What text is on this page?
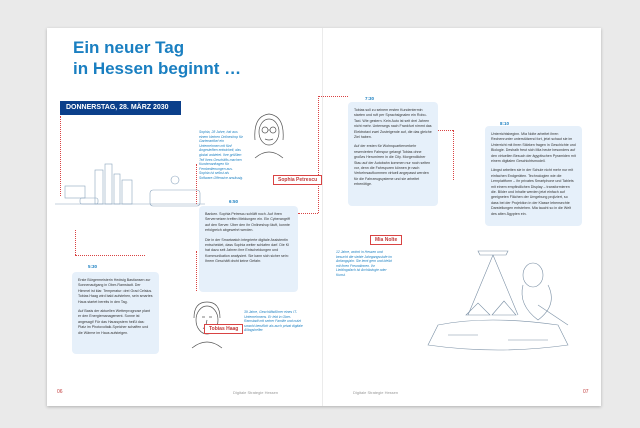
Ein neuer Tag
in Hessen beginnt …
DONNERSTAG, 28. MÄRZ 2030
5:30
6:50
7:30
8:10
Sophia Petrescu
Tobias Haag
Mia Nolte

Erste Bürgermeisterin Hedwig Bastiansen zur Sonnenaufgang in Ober-Ramstadt. Der Himmel ist klar. Temperatur: drei Grad Celsius. Tobias Haag wird bald aufstehen, sein smartes Haus startet bereits in den Tag.

Auf Basis der aktuellen Wetterprognose plant er den Energiemanagement. Sonne ist angesagt! Für das Haussystem heißt das: Platz im Photovoltaik-Speicher schaffen und die Wärme im Haus aufsteigen.

Banken. Sophia Petrescu schläft noch. Auf ihren Servernetzen treffen Meldungen ein. Ein Cyberangriff auf den Server. Über den ihr Onlineshop läuft, konnte erfolgreich abgewehrt werden.

Die in der Smartwatch integrierte digitale Assistentin entscheidet, dass Sophia weiter schlafen darf. Die KI hat dazu seit Jahren ihre Entscheidungen und Kommunikation analysiert. Sie kann sich sicher sein: Ihrem Geschäft droht keine Gefahr.

Tobias soll zu seinem ersten Kundentermin starten und ruft per Sprachsignalen ein Robo-Taxi. Wie gestern. Kein Auto ist seit drei Jahren nicht mehr. Unterwegs nach Frankfurt nimmt das Elektrotaxi zwei Zusteigende auf, die das gleiche Ziel haben.

Auf der ersten für Wohnquartierverkehr reservierten Fahrspur gelangt Tobias ohne großes Herumirren in die City. Morgendlicher Stau auf der Autobahn kommen nur noch selten vor, denn die Fahrspuren können je nach Verkehrsaufkommen virtuell angepasst werden für die Fahrzeugsysteme und sie arbeitet erbenötige.

Unterrichtsbeginn. Mia Nolte arbeitet ihren Rechenrunter unterstützend fort, jetzt schaut sie im Unterricht mit ihren Stärken fragen in Geschichte und Biologie. Deshalb freut sich Mia heute besonders auf den virtuellen Besuch der ägyptischen Pyramiden mit einem digitalen Geschichtsmodell.

Längst arbeiten sie in der Schule nicht mehr nur mit einfachen Endgeräten. Technologien wie die Lernplattform – ihr privates Smartphone und Tablets mit einem empfindlichen Display – transformieren die. Bilder und Inhalte werden jetzt einfach auf geeigneten Flächen der Umgebung projiziert, so dass bei der Projektion in der Klasse lebensechte Darstellungen entstehen. Mia taucht so in die Welt des alten Ägypten ein.

Sophia, 28 Jahre, hat aus einem kleinen Onlineshop für Gartenartikel ein Unternehmen mit fünf Angestellten entwickelt, das global anbietet. Ihre größten Tell ihres Geschäfts machen Kundenanfragen für Fernbedienungen aus. Sophia ist selbst als Software-Offensive ansässig.
39 Jahre, Geschäftsführer eines IT-Unternehmens. Er lebt in Ober-Ramstadt mit seiner Familie und nutzt sowohl beruflich als auch privat digitale Alltagshelfer.
12 Jahre, wohnt in Hessen und besucht die siebte Jahrgangsstufe im Anfangsjahr. Sie lernt gern und bleibt mit ihren Freundinnen. Ihr Lieblingsfach ist Archäologie oder Kunst.
06	07
Digitale Strategie Hessen	Digitale Strategie Hessen
